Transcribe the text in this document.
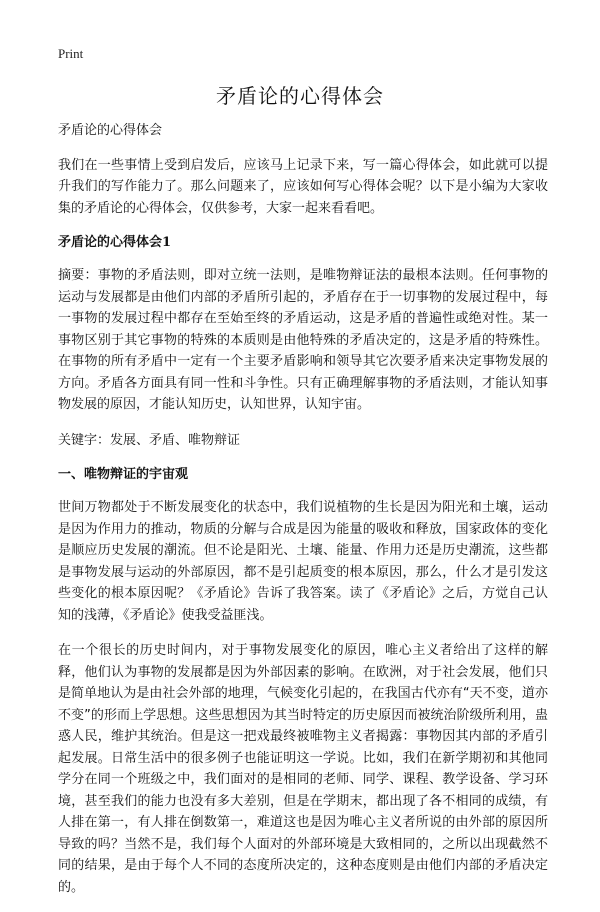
Print
矛盾论的心得体会

矛盾论的心得体会

我们在一些事情上受到启发后，应该马上记录下来，写一篇心得体会，如此就可以提升我们的写作能力了。那么问题来了，应该如何写心得体会呢？以下是小编为大家收集的矛盾论的心得体会，仅供参考，大家一起来看看吧。

矛盾论的心得体会1

摘要：事物的矛盾法则，即对立统一法则，是唯物辩证法的最根本法则。任何事物的运动与发展都是由他们内部的矛盾所引起的，矛盾存在于一切事物的发展过程中，每一事物的发展过程中都存在至始至终的矛盾运动，这是矛盾的普遍性或绝对性。某一事物区别于其它事物的特殊的本质则是由他特殊的矛盾决定的，这是矛盾的特殊性。在事物的所有矛盾中一定有一个主要矛盾影响和领导其它次要矛盾来决定事物发展的方向。矛盾各方面具有同一性和斗争性。只有正确理解事物的矛盾法则，才能认知事物发展的原因，才能认知历史，认知世界，认知宇宙。

关键字：发展、矛盾、唯物辩证

一、唯物辩证的宇宙观

世间万物都处于不断发展变化的状态中，我们说植物的生长是因为阳光和土壤，运动是因为作用力的推动，物质的分解与合成是因为能量的吸收和释放，国家政体的变化是顺应历史发展的潮流。但不论是阳光、土壤、能量、作用力还是历史潮流，这些都是事物发展与运动的外部原因，都不是引起质变的根本原因，那么，什么才是引发这些变化的根本原因呢？《矛盾论》告诉了我答案。读了《矛盾论》之后，方觉自己认知的浅薄，《矛盾论》使我受益匪浅。

在一个很长的历史时间内，对于事物发展变化的原因，唯心主义者给出了这样的解释，他们认为事物的发展都是因为外部因素的影响。在欧洲，对于社会发展，他们只是简单地认为是由社会外部的地理，气候变化引起的，在我国古代亦有“天不变，道亦不变”的形而上学思想。这些思想因为其当时特定的历史原因而被统治阶级所利用，蛊惑人民，维护其统治。但是这一把戏最终被唯物主义者揭露：事物因其内部的矛盾引起发展。日常生活中的很多例子也能证明这一学说。比如，我们在新学期初和其他同学分在同一个班级之中，我们面对的是相同的老师、同学、课程、教学设备、学习环境，甚至我们的能力也没有多大差别，但是在学期末，都出现了各不相同的成绩，有人排在第一，有人排在倒数第一，难道这也是因为唯心主义者所说的由外部的原因所导致的吗？当然不是，我们每个人面对的外部环境是大致相同的，之所以出现截然不同的结果，是由于每个人不同的态度所决定的，这种态度则是由他们内部的矛盾决定的。
